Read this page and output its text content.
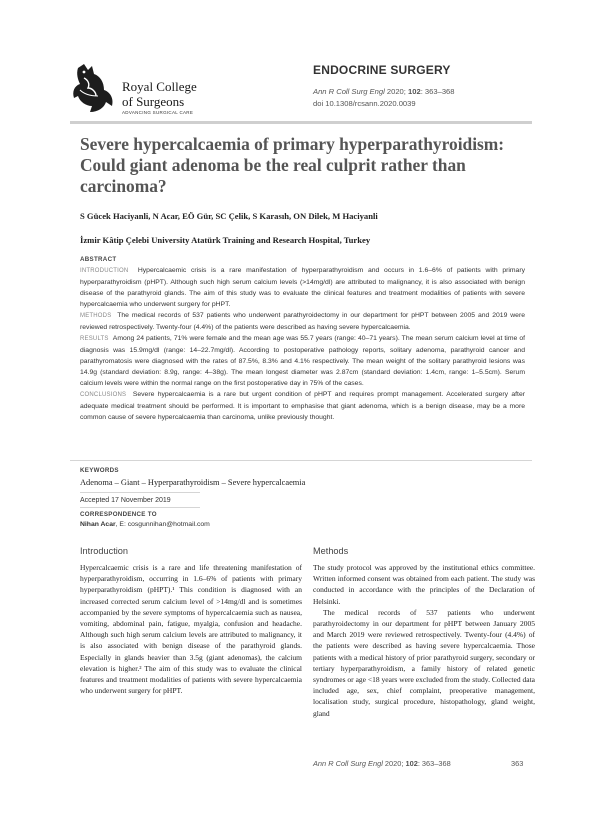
Royal College
of Surgeons
ADVANCING SURGICAL CARE
ENDOCRINE SURGERY
Ann R Coll Surg Engl 2020; 102: 363–368
doi 10.1308/rcsann.2020.0039
Severe hypercalcaemia of primary hyperparathyroidism: Could giant adenoma be the real culprit rather than carcinoma?
S Gücek Haciyanli, N Acar, EÖ Gür, SC Çelik, S Karasıh, ON Dilek, M Haciyanli
İzmir Kâtip Çelebi University Atatürk Training and Research Hospital, Turkey
ABSTRACT

INTRODUCTION Hypercalcaemic crisis is a rare manifestation of hyperparathyroidism and occurs in 1.6–6% of patients with primary hyperparathyroidism (pHPT). Although such high serum calcium levels (>14mg/dl) are attributed to malignancy, it is also associated with benign disease of the parathyroid glands. The aim of this study was to evaluate the clinical features and treatment modalities of patients with severe hypercalcaemia who underwent surgery for pHPT.

METHODS The medical records of 537 patients who underwent parathyroidectomy in our department for pHPT between 2005 and 2019 were reviewed retrospectively. Twenty-four (4.4%) of the patients were described as having severe hypercalcaemia.

RESULTS Among 24 patients, 71% were female and the mean age was 55.7 years (range: 40–71 years). The mean serum calcium level at time of diagnosis was 15.9mg/dl (range: 14–22.7mg/dl). According to postoperative pathology reports, solitary adenoma, parathyroid cancer and parathyromatosis were diagnosed with the rates of 87.5%, 8.3% and 4.1% respectively. The mean weight of the solitary parathyroid lesions was 14.9g (standard deviation: 8.9g, range: 4–38g). The mean longest diameter was 2.87cm (standard deviation: 1.4cm, range: 1–5.5cm). Serum calcium levels were within the normal range on the first postoperative day in 75% of the cases.

CONCLUSIONS Severe hypercalcaemia is a rare but urgent condition of pHPT and requires prompt management. Accelerated surgery after adequate medical treatment should be performed. It is important to emphasise that giant adenoma, which is a benign disease, may be a more common cause of severe hypercalcaemia than carcinoma, unlike previously thought.

KEYWORDS
Adenoma – Giant – Hyperparathyroidism – Severe hypercalcaemia
Accepted 17 November 2019
CORRESPONDENCE TO
Nihan Acar, E: cosgunnihan@hotmail.com
Introduction

Hypercalcaemic crisis is a rare and life threatening manifestation of hyperparathyroidism, occurring in 1.6–6% of patients with primary hyperparathyroidism (pHPT).¹ This condition is diagnosed with an increased corrected serum calcium level of >14mg/dl and is sometimes accompanied by the severe symptoms of hypercalcaemia such as nausea, vomiting, abdominal pain, fatigue, myalgia, confusion and headache. Although such high serum calcium levels are attributed to malignancy, it is also associated with benign disease of the parathyroid glands. Especially in glands heavier than 3.5g (giant adenomas), the calcium elevation is higher.² The aim of this study was to evaluate the clinical features and treatment modalities of patients with severe hypercalcaemia who underwent surgery for pHPT.

Methods

The study protocol was approved by the institutional ethics committee. Written informed consent was obtained from each patient. The study was conducted in accordance with the principles of the Declaration of Helsinki.

The medical records of 537 patients who underwent parathyroidectomy in our department for pHPT between January 2005 and March 2019 were reviewed retrospectively. Twenty-four (4.4%) of the patients were described as having severe hypercalcaemia. Those patients with a medical history of prior parathyroid surgery, secondary or tertiary hyperparathyroidism, a family history of related genetic syndromes or age <18 years were excluded from the study. Collected data included age, sex, chief complaint, preoperative management, localisation study, surgical procedure, histopathology, gland weight, gland

Ann R Coll Surg Engl 2020; 102: 363–368	363
